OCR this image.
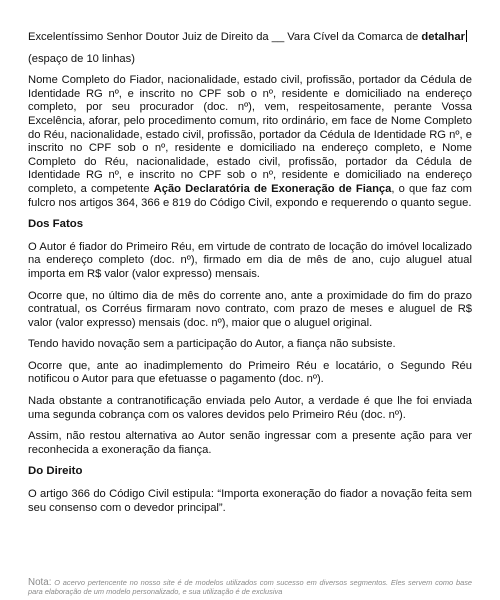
Excelentíssimo Senhor Doutor Juiz de Direito da __ Vara Cível da Comarca de detalhar

(espaço de 10 linhas)

Nome Completo do Fiador, nacionalidade, estado civil, profissão, portador da Cédula de Identidade RG nº, e inscrito no CPF sob o nº, residente e domiciliado na endereço completo, por seu procurador (doc. nº), vem, respeitosamente, perante Vossa Excelência, aforar, pelo procedimento comum, rito ordinário, em face de Nome Completo do Réu, nacionalidade, estado civil, profissão, portador da Cédula de Identidade RG nº, e inscrito no CPF sob o nº, residente e domiciliado na endereço completo, e Nome Completo do Réu, nacionalidade, estado civil, profissão, portador da Cédula de Identidade RG nº, e inscrito no CPF sob o nº, residente e domiciliado na endereço completo, a competente Ação Declaratória de Exoneração de Fiança, o que faz com fulcro nos artigos 364, 366 e 819 do Código Civil, expondo e requerendo o quanto segue.

Dos Fatos

O Autor é fiador do Primeiro Réu, em virtude de contrato de locação do imóvel localizado na endereço completo (doc. nº), firmado em dia de mês de ano, cujo aluguel atual importa em R$ valor (valor expresso) mensais.

Ocorre que, no último dia de mês do corrente ano, ante a proximidade do fim do prazo contratual, os Corréus firmaram novo contrato, com prazo de meses e aluguel de R$ valor (valor expresso) mensais (doc. nº), maior que o aluguel original.

Tendo havido novação sem a participação do Autor, a fiança não subsiste.

Ocorre que, ante ao inadimplemento do Primeiro Réu e locatário, o Segundo Réu notificou o Autor para que efetuasse o pagamento (doc. nº).

Nada obstante a contranotificação enviada pelo Autor, a verdade é que lhe foi enviada uma segunda cobrança com os valores devidos pelo Primeiro Réu (doc. nº).

Assim, não restou alternativa ao Autor senão ingressar com a presente ação para ver reconhecida a exoneração da fiança.

Do Direito

O artigo 366 do Código Civil estipula: “Importa exoneração do fiador a novação feita sem seu consenso com o devedor principal”.

Nota: O acervo pertencente no nosso site é de modelos utilizados com sucesso em diversos segmentos. Eles servem como base para elaboração de um modelo personalizado, e sua utilização é de exclusiva
